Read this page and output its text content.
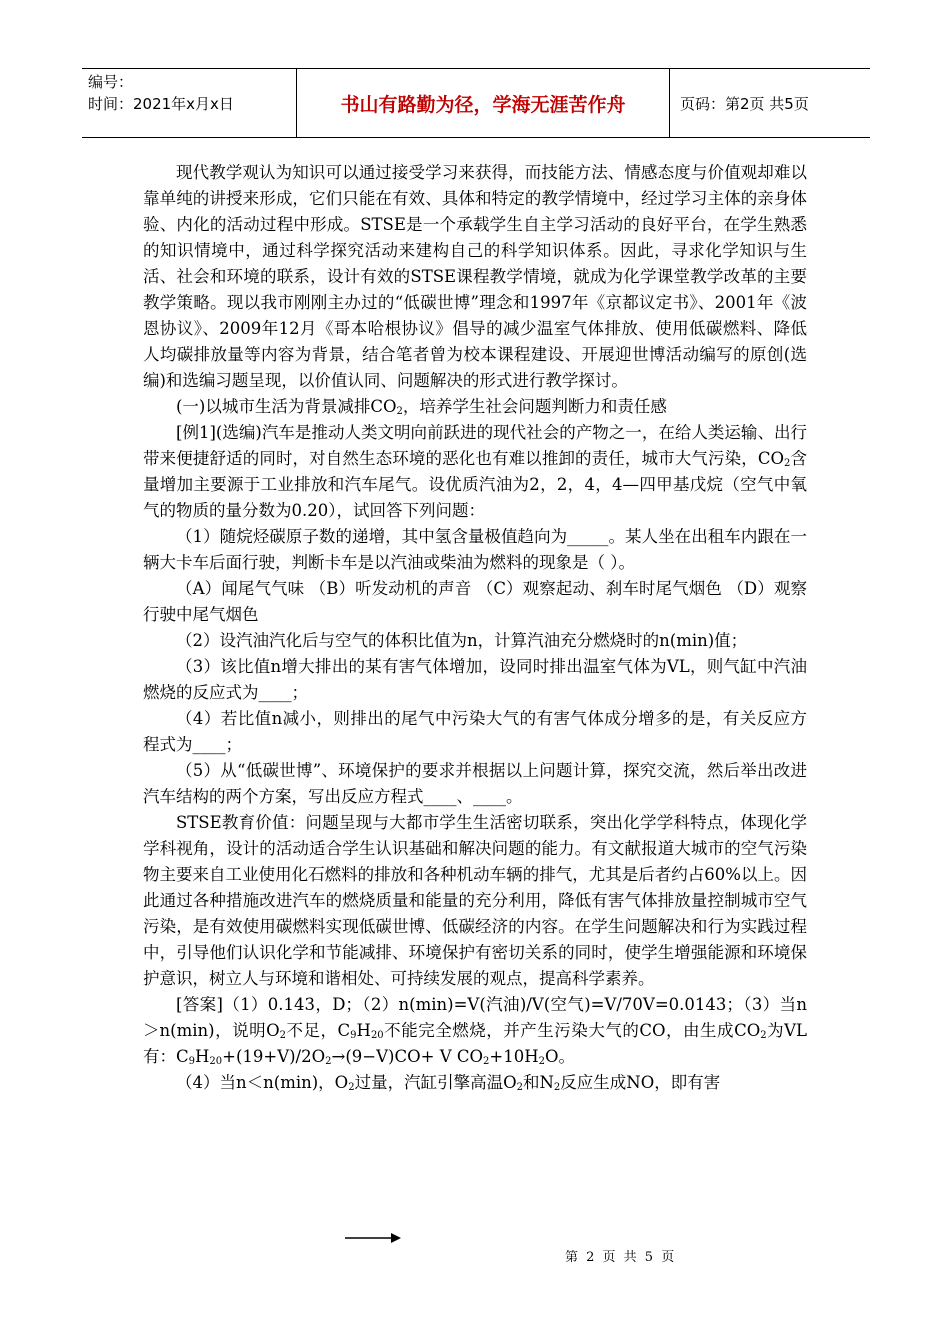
编号：
时间：2021年x月x日	书山有路勤为径，学海无涯苦作舟	页码：第2页 共5页

现代教学观认为知识可以通过接受学习来获得，而技能方法、情感态度与价值观却难以靠单纯的讲授来形成，它们只能在有效、具体和特定的教学情境中，经过学习主体的亲身体验、内化的活动过程中形成。STSE是一个承载学生自主学习活动的良好平台，在学生熟悉的知识情境中，通过科学探究活动来建构自己的科学知识体系。因此，寻求化学知识与生活、社会和环境的联系，设计有效的STSE课程教学情境，就成为化学课堂教学改革的主要教学策略。现以我市刚刚主办过的“低碳世博”理念和1997年《京都议定书》、2001年《波恩协议》、2009年12月《哥本哈根协议》倡导的减少温室气体排放、使用低碳燃料、降低人均碳排放量等内容为背景，结合笔者曾为校本课程建设、开展迎世博活动编写的原创(选编)和选编习题呈现，以价值认同、问题解决的形式进行教学探讨。

(一)以城市生活为背景减排$CO_2$，培养学生社会问题判断力和责任感

[例1](选编)汽车是推动人类文明向前跃进的现代社会的产物之一，在给人类运输、出行带来便捷舒适的同时，对自然生态环境的恶化也有难以推卸的责任，城市大气污染，$CO_2$含量增加主要源于工业排放和汽车尾气。设优质汽油为2，2，4，4—四甲基戊烷（空气中氧气的物质的量分数为0.20），试回答下列问题：

（1）随烷烃碳原子数的递增，其中氢含量极值趋向为_____。某人坐在出租车内跟在一辆大卡车后面行驶，判断卡车是以汽油或柴油为燃料的现象是（ ）。

（A）闻尾气气味 （B）听发动机的声音 （C）观察起动、刹车时尾气烟色 （D）观察行驶中尾气烟色

（2）设汽油汽化后与空气的体积比值为n，计算汽油充分燃烧时的n(min)值；

（3）该比值n增大排出的某有害气体增加，设同时排出温室气体为VL，则气缸中汽油燃烧的反应式为____；

（4）若比值n减小，则排出的尾气中污染大气的有害气体成分增多的是，有关反应方程式为____；

（5）从“低碳世博”、环境保护的要求并根据以上问题计算，探究交流，然后举出改进汽车结构的两个方案，写出反应方程式____、____。

STSE教育价值：问题呈现与大都市学生生活密切联系，突出化学学科特点，体现化学学科视角，设计的活动适合学生认识基础和解决问题的能力。有文献报道大城市的空气污染物主要来自工业使用化石燃料的排放和各种机动车辆的排气，尤其是后者约占60%以上。因此通过各种措施改进汽车的燃烧质量和能量的充分利用，降低有害气体排放量控制城市空气污染，是有效使用碳燃料实现低碳世博、低碳经济的内容。在学生问题解决和行为实践过程中，引导他们认识化学和节能减排、环境保护有密切关系的同时，使学生增强能源和环境保护意识，树立人与环境和谐相处、可持续发展的观点，提高科学素养。

[答案]（1）0.143，D；（2）n(min)=V(汽油)/V(空气)=V/70V=0.0143；（3）当n＞n(min)，说明$O_2$不足，$C_9H_{20}$不能完全燃烧，并产生污染大气的CO，由生成$CO_2$为VL有：$C_9H_{20}+(19+V)/2O_2\to(9-V)CO+ V$ $CO_2+10H_2O$。

（4）当n＜n(min)，$O_2$过量，汽缸引擎高温$O_2$和$N_2$反应生成NO，即有害

第 2 页 共 5 页
